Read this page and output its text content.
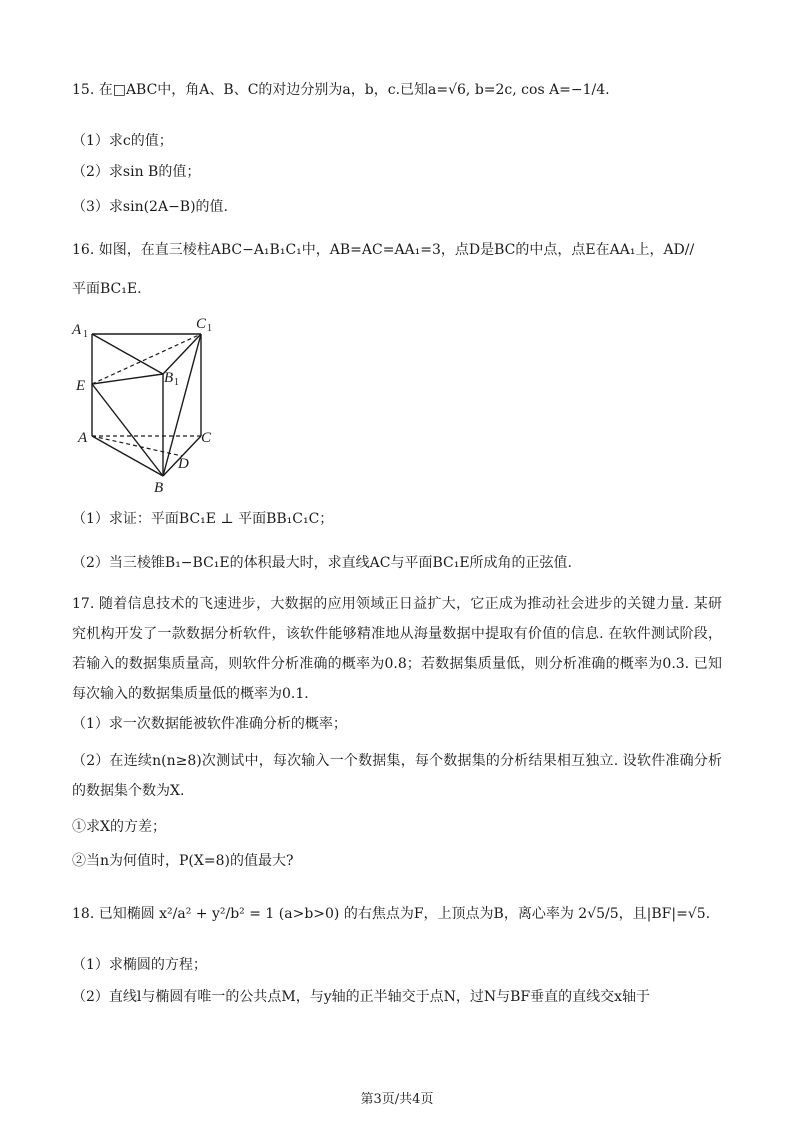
15. 在□ABC中，角A、B、C的对边分别为a，b，c.已知a=√6, b=2c, cos A=−1/4.
（1）求c的值；
（2）求sin B的值；
（3）求sin(2A−B)的值.
16. 如图，在直三棱柱ABC−A₁B₁C₁中，AB=AC=AA₁=3，点D是BC的中点，点E在AA₁上，AD//
平面BC₁E.
A 1
C 1
E	B 1
A	C
D
B
（1）求证：平面BC₁E ⊥ 平面BB₁C₁C；
（2）当三棱锥B₁−BC₁E的体积最大时，求直线AC与平面BC₁E所成角的正弦值.
17. 随着信息技术的飞速进步，大数据的应用领域正日益扩大，它正成为推动社会进步的关键力量. 某研究机构开发了一款数据分析软件，该软件能够精准地从海量数据中提取有价值的信息. 在软件测试阶段，若输入的数据集质量高，则软件分析准确的概率为0.8；若数据集质量低，则分析准确的概率为0.3. 已知每次输入的数据集质量低的概率为0.1.
（1）求一次数据能被软件准确分析的概率；
（2）在连续n(n≥8)次测试中，每次输入一个数据集，每个数据集的分析结果相互独立. 设软件准确分析的数据集个数为X.
①求X的方差；
②当n为何值时，P(X=8)的值最大?
18. 已知椭圆 x²/a² + y²/b² = 1 (a>b>0) 的右焦点为F，上顶点为B，离心率为 2√5/5，且|BF|=√5.
（1）求椭圆的方程；
（2）直线l与椭圆有唯一的公共点M，与y轴的正半轴交于点N，过N与BF垂直的直线交x轴于
第3页/共4页
